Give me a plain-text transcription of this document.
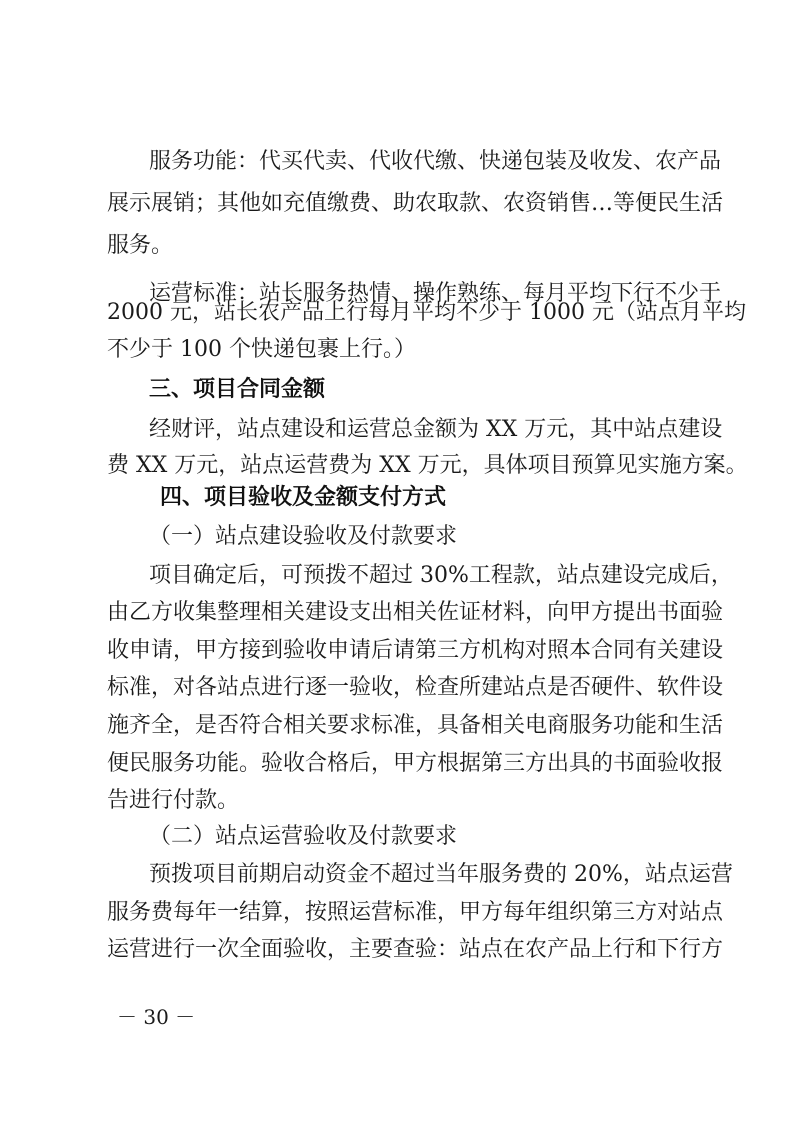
服务功能：代买代卖、代收代缴、快递包装及收发、农产品
展示展销；其他如充值缴费、助农取款、农资销售…等便民生活
服务。
运营标准：站长服务热情、操作熟练、每月平均下行不少于
2000 元，站长农产品上行每月平均不少于 1000 元（站点月平均
不少于 100 个快递包裹上行。）
三、项目合同金额
经财评，站点建设和运营总金额为 XX 万元，其中站点建设
费 XX 万元，站点运营费为 XX 万元，具体项目预算见实施方案。
四、项目验收及金额支付方式
（一）站点建设验收及付款要求
项目确定后，可预拨不超过 30%工程款，站点建设完成后，
由乙方收集整理相关建设支出相关佐证材料，向甲方提出书面验
收申请，甲方接到验收申请后请第三方机构对照本合同有关建设
标准，对各站点进行逐一验收，检查所建站点是否硬件、软件设
施齐全，是否符合相关要求标准，具备相关电商服务功能和生活
便民服务功能。验收合格后，甲方根据第三方出具的书面验收报
告进行付款。
（二）站点运营验收及付款要求
预拨项目前期启动资金不超过当年服务费的 20%，站点运营
服务费每年一结算，按照运营标准，甲方每年组织第三方对站点
运营进行一次全面验收，主要查验：站点在农产品上行和下行方
－ 30 －
